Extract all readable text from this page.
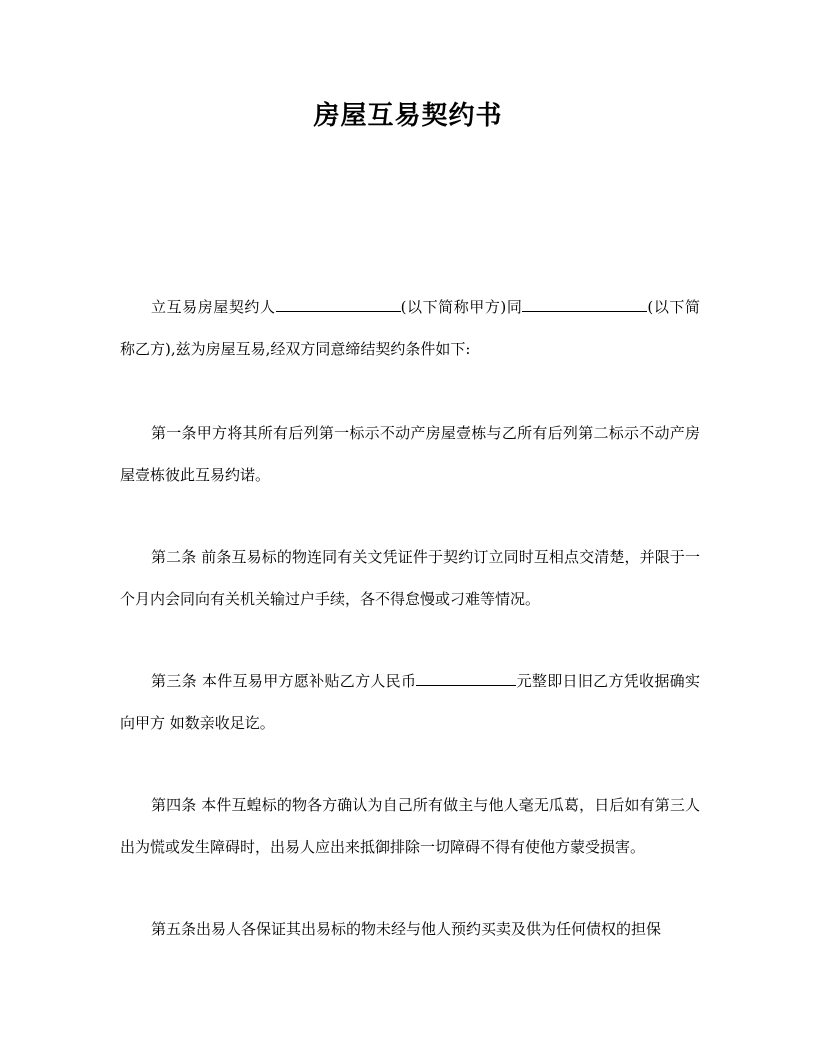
房屋互易契约书
立互易房屋契约人	(以下简称甲方)同	(以下简称乙方),兹为房屋互易,经双方同意缔结契约条件如下:
第一条甲方将其所有后列第一标示不动产房屋壹栋与乙所有后列第二标示不动产房屋壹栋彼此互易约诺。
第二条 前条互易标的物连同有关文凭证件于契约订立同时互相点交清楚，并限于一个月内会同向有关机关输过户手续，各不得怠慢或刁难等情况。
第三条 本件互易甲方愿补贴乙方人民币	元整即日旧乙方凭收据确实向甲方 如数亲收足讫。
第四条 本件互蝗标的物各方确认为自己所有做主与他人毫无瓜葛，日后如有第三人出为慌或发生障碍时，出易人应出来抵御排除一切障碍不得有使他方蒙受损害。
第五条出易人各保证其出易标的物未经与他人预约买卖及供为任何债权的担保
